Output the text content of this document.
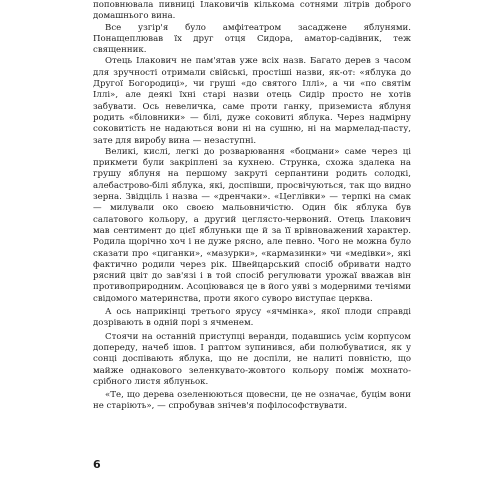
поповнювала пивниці Ілаковичів кількома сотнями літрів доброго домашнього вина.

Все узгір'я було амфітеатром засаджене яблунями. Понащеплював їх друг отця Сидора, аматор-садівник, теж священник.

Отець Ілакович не пам'ятав уже всіх назв. Багато дерев з часом для зручності отримали свійські, простіші назви, як-от: «яблука до Другої Богородиці», чи груші «до святого Іллі», а чи «по святім Іллі», але деякі їхні старі назви отець Сидір просто не хотів забувати. Ось невеличка, саме проти ганку, приземиста яблуня родить «біловники» — білі, дуже соковиті яблука. Через надмірну соковитість не надаються вони ні на сушню, ні на мармелад-пасту, зате для виробу вина — незаступні.

Великі, кислі, легкі до розварювання «боцмани» саме через ці прикмети були закріплені за кухнею. Струнка, схожа здалека на грушу яблуня на першому закруті серпантини родить солодкі, алебастрово-білі яблука, які, доспівши, просвічуються, так що видно зерна. Звідціль і назва — «дренчаки». «Цеглівки» — терпкі на смак — милували око своєю мальовничістю. Один бік яблука був салатового кольору, а другий цеглясто-червоний. Отець Ілакович мав сентимент до цієї яблуньки ще й за її врівноважений характер. Родила щорічно хоч і не дуже рясно, але певно. Чого не можна було сказати про «циганки», «мазурки», «кармазинки» чи «медівки», які фактично родили через рік. Швейцарський спосіб обривати надто рясний цвіт до зав'язі і в той спосіб регулювати урожаї вважав він противоприродним. Асоціювався це в його уяві з модерними течіями свідомого материнства, проти якого суворо виступає церква.

А ось наприкінці третього ярусу «ячмінка», якої плоди справді дозрівають в одній порі з ячменем.

Стоячи на останній приступці веранди, подавшись усім корпусом допереду, начеб ішов. І раптом зупинився, аби полюбуватися, як у сонці доспівають яблука, що не доспіли, не налиті повністю, що майже однакового зеленкувато-жовтого кольору поміж мохнато-срібного листя яблуньок.

«Те, що дерева озеленюються щовесни, це не означає, буцім вони не старіють», — спробував знічев'я пофілософствувати.

6
